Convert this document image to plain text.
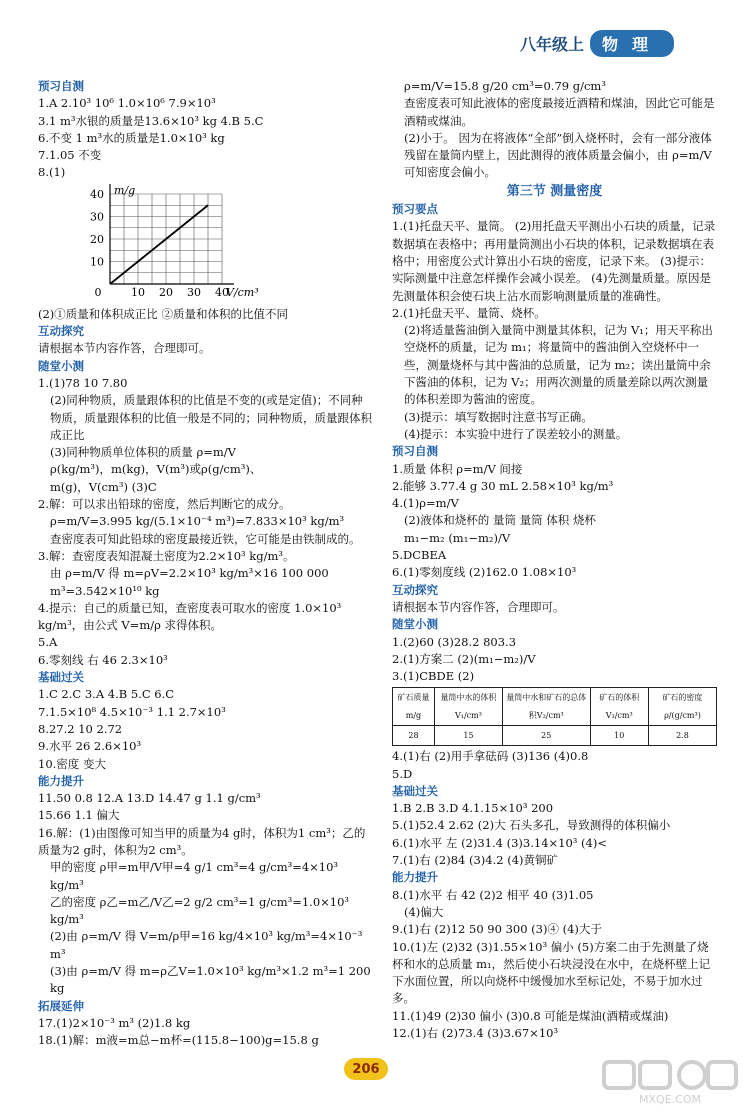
八年级上	物理
预习自测
1.A 2.10³ 10⁶ 1.0×10⁶ 7.9×10³
3.1 m³水银的质量是13.6×10³ kg 4.B 5.C
6.不变 1 m³水的质量是1.0×10³ kg
7.1.05 不变
8.(1)
10 20 30 40
0
10
20
30
40 m/g
V/cm³
(2)①质量和体积成正比 ②质量和体积的比值不同
互动探究
请根据本节内容作答，合理即可。
随堂小测
1.(1)78 10 7.80
(2)同种物质，质量跟体积的比值是不变的(或是定值)；不同种物质，质量跟体积的比值一般是不同的；同种物质，质量跟体积成正比
(3)同种物质单位体积的质量 ρ=m/V
ρ(kg/m³)，m(kg)，V(m³)或ρ(g/cm³)、
m(g)，V(cm³) (3)C
2.解：可以求出铅球的密度，然后判断它的成分。
ρ=m/V=3.995 kg/(5.1×10⁻⁴ m³)=7.833×10³ kg/m³
查密度表可知此铅球的密度最接近铁，它可能是由铁制成的。
3.解：查密度表知混凝土密度为2.2×10³ kg/m³。
由 ρ=m/V 得 m=ρV=2.2×10³ kg/m³×16 100 000 m³=3.542×10¹⁰ kg
4.提示：自己的质量已知，查密度表可取水的密度 1.0×10³ kg/m³，由公式 V=m/ρ 求得体积。
5.A
6.零刻线 右 46 2.3×10³
基础过关
1.C 2.C 3.A 4.B 5.C 6.C
7.1.5×10⁸ 4.5×10⁻³ 1.1 2.7×10³
8.27.2 10 2.72
9.水平 26 2.6×10³
10.密度 变大
能力提升
11.50 0.8 12.A 13.D 14.47 g 1.1 g/cm³
15.66 1.1 偏大
16.解：(1)由图像可知当甲的质量为4 g时，体积为1 cm³；乙的质量为2 g时，体积为2 cm³。
甲的密度 ρ甲=m甲/V甲=4 g/1 cm³=4 g/cm³=4×10³ kg/m³
乙的密度 ρ乙=m乙/V乙=2 g/2 cm³=1 g/cm³=1.0×10³ kg/m³
(2)由 ρ=m/V 得 V=m/ρ甲=16 kg/4×10³ kg/m³=4×10⁻³ m³
(3)由 ρ=m/V 得 m=ρ乙V=1.0×10³ kg/m³×1.2 m³=1 200 kg
拓展延伸
17.(1)2×10⁻³ m³ (2)1.8 kg
18.(1)解：m液=m总−m杯=(115.8−100)g=15.8 g
ρ=m/V=15.8 g/20 cm³=0.79 g/cm³
查密度表可知此液体的密度最接近酒精和煤油，因此它可能是酒精或煤油。
(2)小于。 因为在将液体“全部”倒入烧杯时，会有一部分液体残留在量筒内壁上，因此测得的液体质量会偏小，由 ρ=m/V 可知密度会偏小。
第三节 测量密度
预习要点
1.(1)托盘天平、量筒。 (2)用托盘天平测出小石块的质量，记录数据填在表格中；再用量筒测出小石块的体积，记录数据填在表格中；用密度公式计算出小石块的密度，记录下来。 (3)提示：实际测量中注意怎样操作会减小误差。 (4)先测量质量。原因是先测量体积会使石块上沾水而影响测量质量的准确性。
2.(1)托盘天平、量筒、烧杯。
(2)将适量酱油倒入量筒中测量其体积，记为 V₁；用天平称出空烧杯的质量，记为 m₁；将量筒中的酱油倒入空烧杯中一些，测量烧杯与其中酱油的总质量，记为 m₂；读出量筒中余下酱油的体积，记为 V₂；用两次测量的质量差除以两次测量的体积差即为酱油的密度。
(3)提示：填写数据时注意书写正确。
(4)提示：本实验中进行了误差较小的测量。
预习自测
1.质量 体积 ρ=m/V 间接
2.能够 3.77.4 g 30 mL 2.58×10³ kg/m³
4.(1)ρ=m/V
(2)液体和烧杯的 量筒 量筒 体积 烧杯
m₁−m₂ (m₁−m₂)/V
5.DCBEA
6.(1)零刻度线 (2)162.0 1.08×10³
互动探究
请根据本节内容作答，合理即可。
随堂小测
1.(2)60 (3)28.2 803.3
2.(1)方案二 (2)(m₁−m₂)/V
3.(1)CBDE (2)
矿石质量m/g	量筒中水的体积V₁/cm³	量筒中水和矿石的总体积V₂/cm³	矿石的体积V₃/cm³	矿石的密度ρ/(g/cm³)
28	15	25	10	2.8
4.(1)右 (2)用手拿砝码 (3)136 (4)0.8
5.D
基础过关
1.B 2.B 3.D 4.1.15×10³ 200
5.(1)52.4 2.62 (2)大 石头多孔，导致测得的体积偏小
6.(1)水平 左 (2)31.4 (3)3.14×10³ (4)<
7.(1)右 (2)84 (3)4.2 (4)黄铜矿
能力提升
8.(1)水平 右 42 (2)2 相平 40 (3)1.05
(4)偏大
9.(1)右 (2)12 50 90 300 (3)④ (4)大于
10.(1)左 (2)32 (3)1.55×10³ 偏小 (5)方案二由于先测量了烧杯和水的总质量 m₁，然后使小石块浸没在水中，在烧杯壁上记下水面位置，所以向烧杯中缓慢加水至标记处，不易于加水过多。
11.(1)49 (2)30 偏小 (3)0.8 可能是煤油(酒精或煤油)
12.(1)右 (2)73.4 (3)3.67×10³
206
MXQE.COM
